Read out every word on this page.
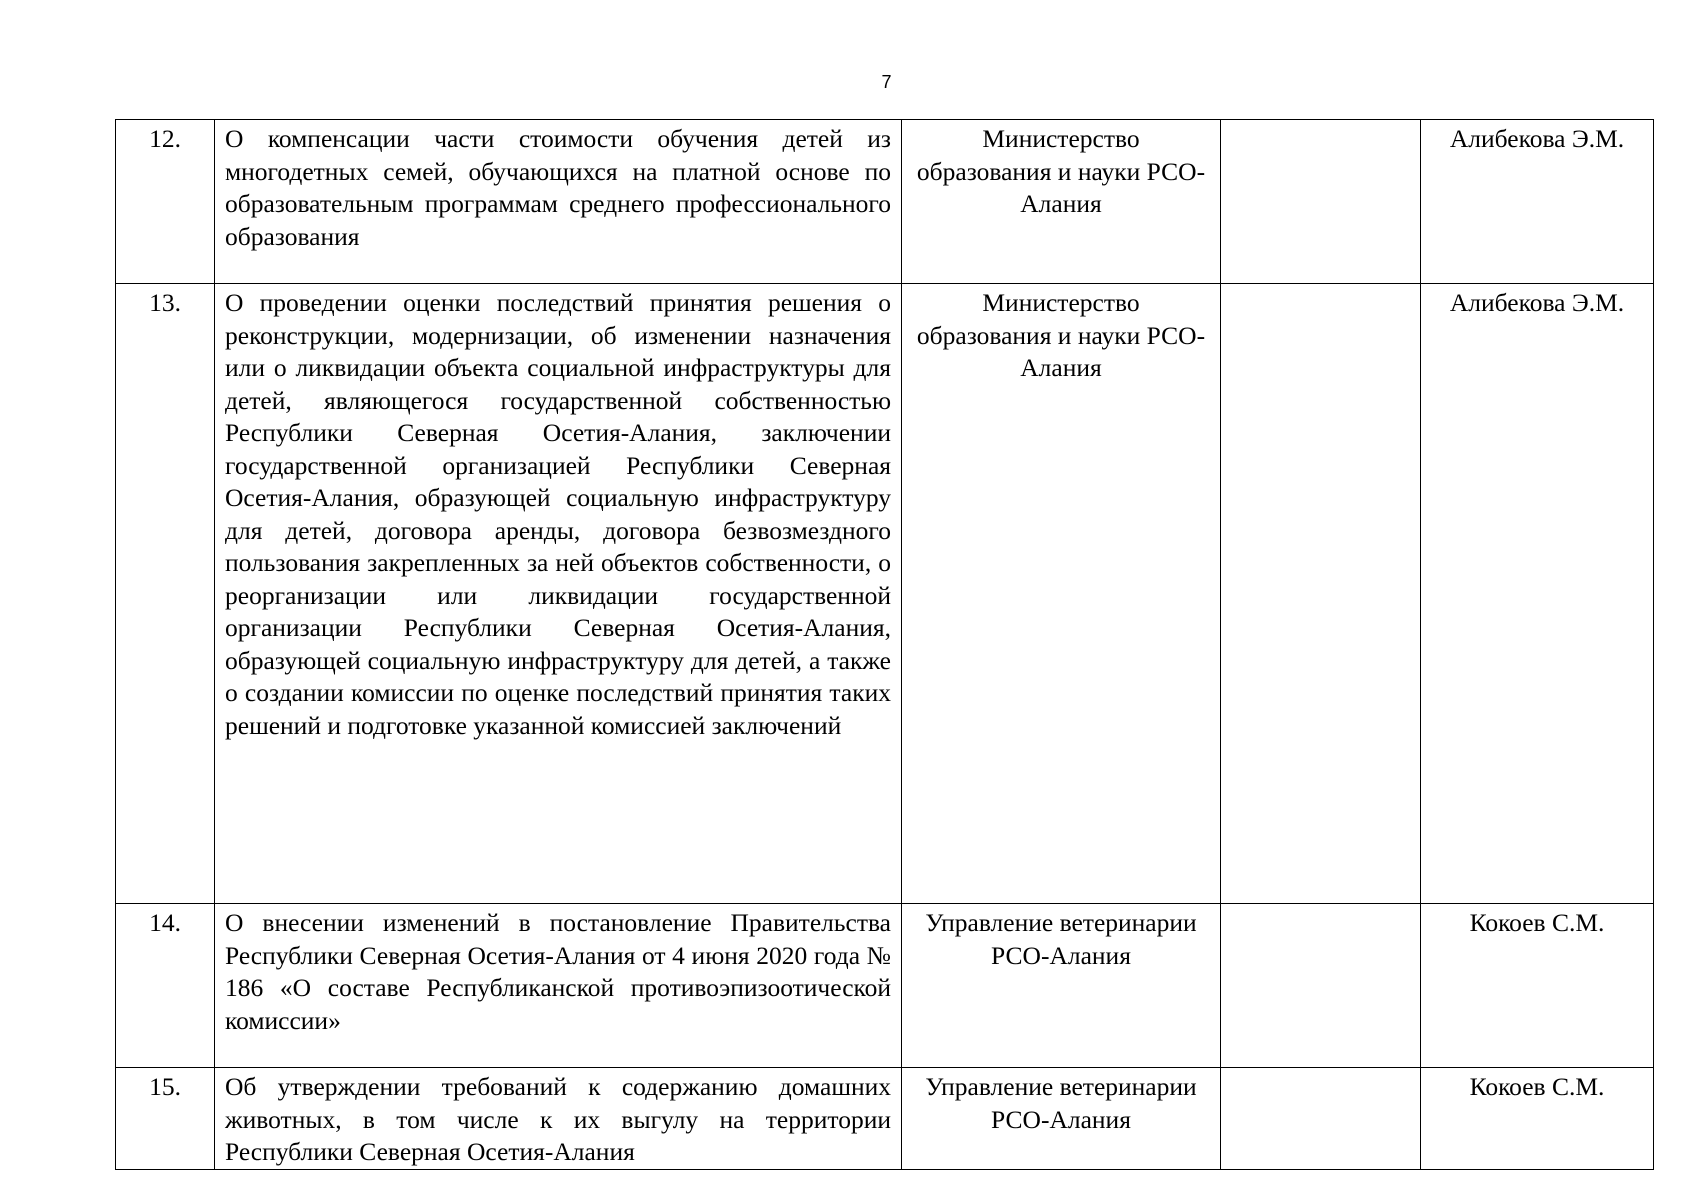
7
12.	О компенсации части стоимости обучения детей из многодетных семей, обучающихся на платной основе по образовательным программам среднего профессионального образования	Министерство образования и науки РСО-Алания		Алибекова Э.М.
13.	О проведении оценки последствий принятия решения о реконструкции, модернизации, об изменении назначения или о ликвидации объекта социальной инфраструктуры для детей, являющегося государственной собственностью Республики Северная Осетия-Алания, заключении государственной организацией Республики Северная Осетия-Алания, образующей социальную инфраструктуру для детей, договора аренды, договора безвозмездного пользования закрепленных за ней объектов собственности, о реорганизации или ликвидации государственной организации Республики Северная Осетия-Алания, образующей социальную инфраструктуру для детей, а также о создании комиссии по оценке последствий принятия таких решений и подготовке указанной комиссией заключений	Министерство образования и науки РСО-Алания		Алибекова Э.М.
14.	О внесении изменений в постановление Правительства Республики Северная Осетия-Алания от 4 июня 2020 года № 186 «О составе Республиканской противоэпизоотической комиссии»	Управление ветеринарии РСО-Алания		Кокоев С.М.
15.	Об утверждении требований к содержанию домашних животных, в том числе к их выгулу на территории Республики Северная Осетия-Алания	Управление ветеринарии РСО-Алания		Кокоев С.М.
